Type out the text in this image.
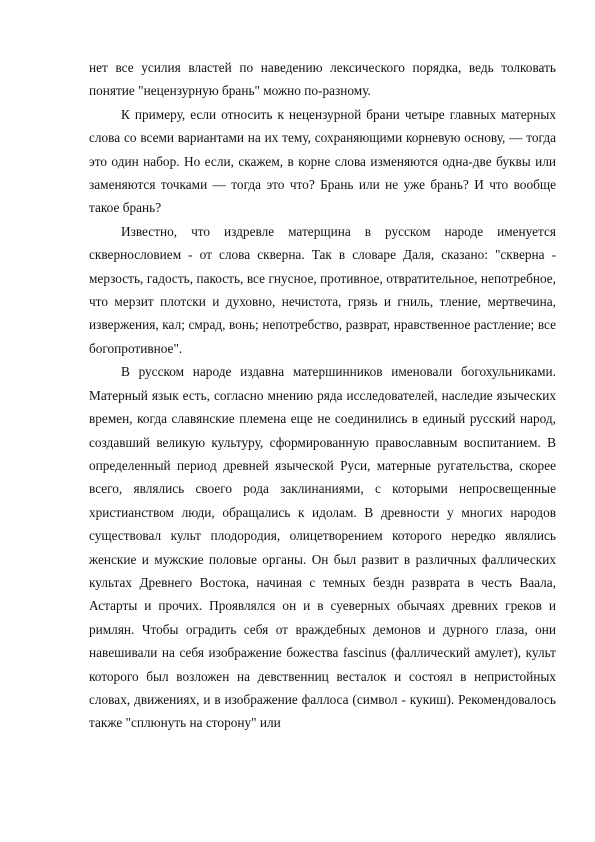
нет все усилия властей по наведению лексического порядка, ведь толковать понятие "нецензурную брань" можно по-разному.

К примеру, если относить к нецензурной брани четыре главных матерных слова со всеми вариантами на их тему, сохраняющими корневую основу, — тогда это один набор. Но если, скажем, в корне слова изменяются одна-две буквы или заменяются точками — тогда это что? Брань или не уже брань? И что вообще такое брань?

Известно, что издревле матерщина в русском народе именуется сквернословием - от слова скверна. Так в словаре Даля, сказано: "скверна - мерзость, гадость, пакость, все гнусное, противное, отвратительное, непотребное, что мерзит плотски и духовно, нечистота, грязь и гниль, тление, мертвечина, извержения, кал; смрад, вонь; непотребство, разврат, нравственное растление; все богопротивное".

В русском народе издавна матершинников именовали богохульниками. Матерный язык есть, согласно мнению ряда исследователей, наследие языческих времен, когда славянские племена еще не соединились в единый русский народ, создавший великую культуру, сформированную православным воспитанием. В определенный период древней языческой Руси, матерные ругательства, скорее всего, являлись своего рода заклинаниями, с которыми непросвещенные христианством люди, обращались к идолам. В древности у многих народов существовал культ плодородия, олицетворением которого нередко являлись женские и мужские половые органы. Он был развит в различных фаллических культах Древнего Востока, начиная с темных бездн разврата в честь Ваала, Астарты и прочих. Проявлялся он и в суеверных обычаях древних греков и римлян. Чтобы оградить себя от враждебных демонов и дурного глаза, они навешивали на себя изображение божества fascinus (фаллический амулет), культ которого был возложен на девственниц весталок и состоял в непристойных словах, движениях, и в изображение фаллоса (символ - кукиш). Рекомендовалось также "сплюнуть на сторону" или
